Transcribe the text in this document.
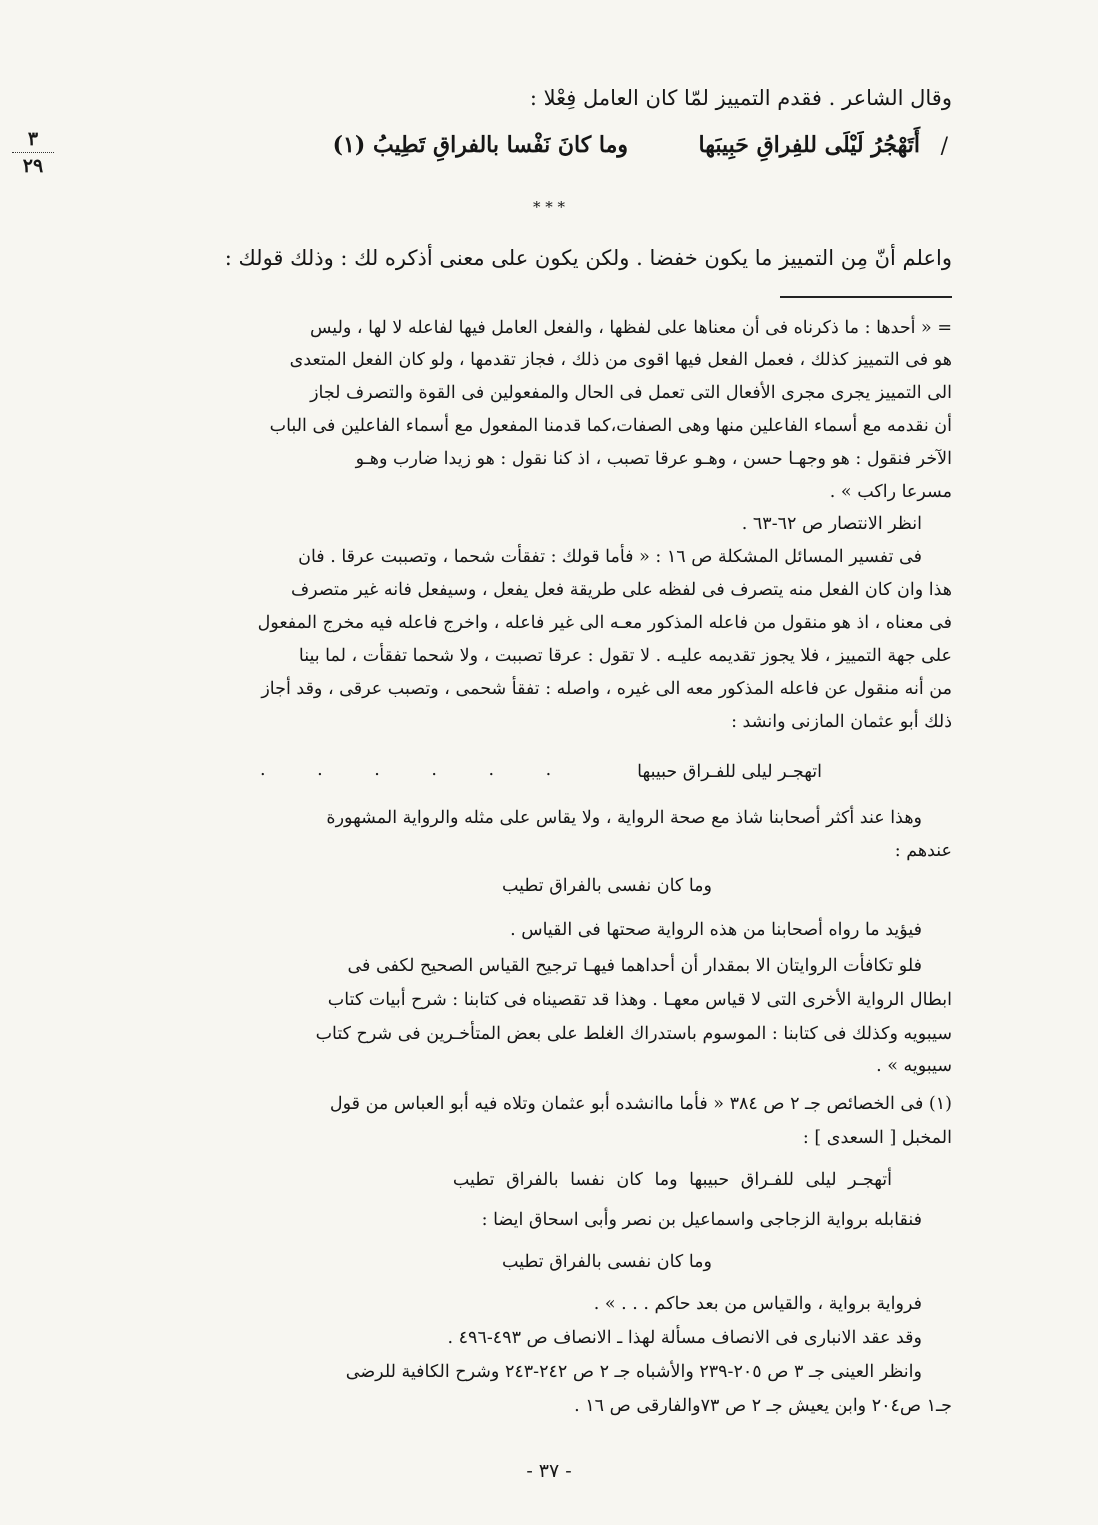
٣
٢٩
وقال الشاعر . فقدم التمييز لمّا كان العامل فِعْلا :
/
أَتَهْجُرُ لَيْلَى للفِراقِ حَبِيبَها
وما كانَ نَفْسا بالفراقِ تَطِيبُ (١)
* * *
واعلم أنّ مِن التمييز ما يكون خفضا . ولكن يكون على معنى أذكره لك : وذلك قولك :
= « أحدها : ما ذكرناه فى أن معناها على لفظها ، والفعل العامل فيها لفاعله لا لها ، وليس
هو فى التمييز كذلك ، فعمل الفعل فيها اقوى من ذلك ، فجاز تقدمها ، ولو كان الفعل المتعدى
الى التمييز يجرى مجرى الأفعال التى تعمل فى الحال والمفعولين فى القوة والتصرف لجاز
أن نقدمه مع أسماء الفاعلين منها وهى الصفات،كما قدمنا المفعول مع أسماء الفاعلين فى الباب
الآخر فنقول : هو وجهـا حسن ، وهـو عرقا تصبب ، اذ كنا نقول : هو زيدا ضارب وهـو
مسرعا راكب » .
انظر الانتصار ص ٦٢-٦٣ .
فى تفسير المسائل المشكلة ص ١٦ : « فأما قولك : تفقأت شحما ، وتصببت عرقا . فان
هذا وان كان الفعل منه يتصرف فى لفظه على طريقة فعل يفعل ، وسيفعل فانه غير متصرف
فى معناه ، اذ هو منقول من فاعله المذكور معـه الى غير فاعله ، واخرج فاعله فيه مخرج المفعول
على جهة التمييز ، فلا يجوز تقديمه عليـه . لا تقول : عرقا تصببت ، ولا شحما تفقأت ، لما بينا
من أنه منقول عن فاعله المذكور معه الى غيره ، واصله : تفقأ شحمى ، وتصبب عرقى ، وقد أجاز
ذلك أبو عثمان المازنى وانشد :
اتهجـر ليلى للفـراق حبيبها
. . . . . .
وهذا عند أكثر أصحابنا شاذ مع صحة الرواية ، ولا يقاس على مثله والرواية المشهورة
عندهم :
وما كان نفسى بالفراق تطيب
فيؤيد ما رواه أصحابنا من هذه الرواية صحتها فى القياس .
فلو تكافأت الروايتان الا بمقدار أن أحداهما فيهـا ترجيح القياس الصحيح لكفى فى
ابطال الرواية الأخرى التى لا قياس معهـا . وهذا قد تقصيناه فى كتابنا : شرح أبيات كتاب
سيبويه وكذلك فى كتابنا : الموسوم باستدراك الغلط على بعض المتأخـرين فى شرح كتاب
سيبويه » .
(١) فى الخصائص جـ ٢ ص ٣٨٤ « فأما ماانشده أبو عثمان وتلاه فيه أبو العباس من قول
المخبل [ السعدى ] :
أتهجـر ليلى للفـراق حبيبها وما كان نفسا بالفراق تطيب
فنقابله برواية الزجاجى واسماعيل بن نصر وأبى اسحاق ايضا :
وما كان نفسى بالفراق تطيب
فرواية برواية ، والقياس من بعد حاكم . . . » .
وقد عقد الانبارى فى الانصاف مسألة لهذا ـ الانصاف ص ٤٩٣-٤٩٦ .
وانظر العينى جـ ٣ ص ٢٠٥-٢٣٩ والأشباه جـ ٢ ص ٢٤٢-٢٤٣ وشرح الكافية للرضى
جـ١ ص٢٠٤ وابن يعيش جـ ٢ ص ٧٣والفارقى ص ١٦ .
- ٣٧ -
